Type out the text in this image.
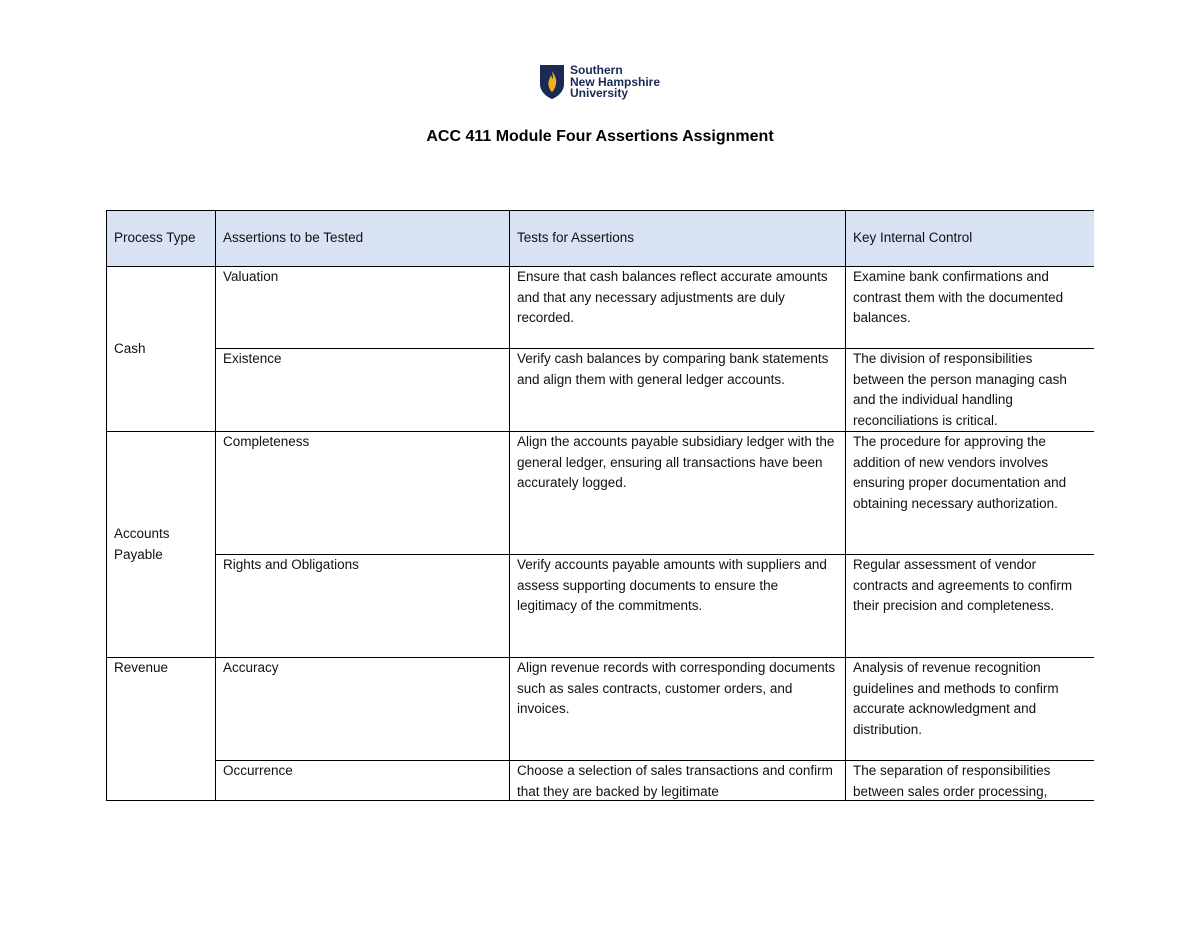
Southern
New Hampshire
University
ACC 411 Module Four Assertions Assignment
Process Type	Assertions to be Tested	Tests for Assertions	Key Internal Control
Cash	Valuation	Ensure that cash balances reflect accurate amounts and that any necessary adjustments are duly recorded.	Examine bank confirmations and contrast them with the documented balances.
	Existence	Verify cash balances by comparing bank statements and align them with general ledger accounts.	The division of responsibilities between the person managing cash and the individual handling reconciliations is critical.
Accounts Payable	Completeness	Align the accounts payable subsidiary ledger with the general ledger, ensuring all transactions have been accurately logged.	The procedure for approving the addition of new vendors involves ensuring proper documentation and obtaining necessary authorization.
	Rights and Obligations	Verify accounts payable amounts with suppliers and assess supporting documents to ensure the legitimacy of the commitments.	Regular assessment of vendor contracts and agreements to confirm their precision and completeness.
Revenue	Accuracy	Align revenue records with corresponding documents such as sales contracts, customer orders, and invoices.	Analysis of revenue recognition guidelines and methods to confirm accurate acknowledgment and distribution.
	Occurrence	Choose a selection of sales transactions and confirm that they are backed by legitimate	The separation of responsibilities between sales order processing,
